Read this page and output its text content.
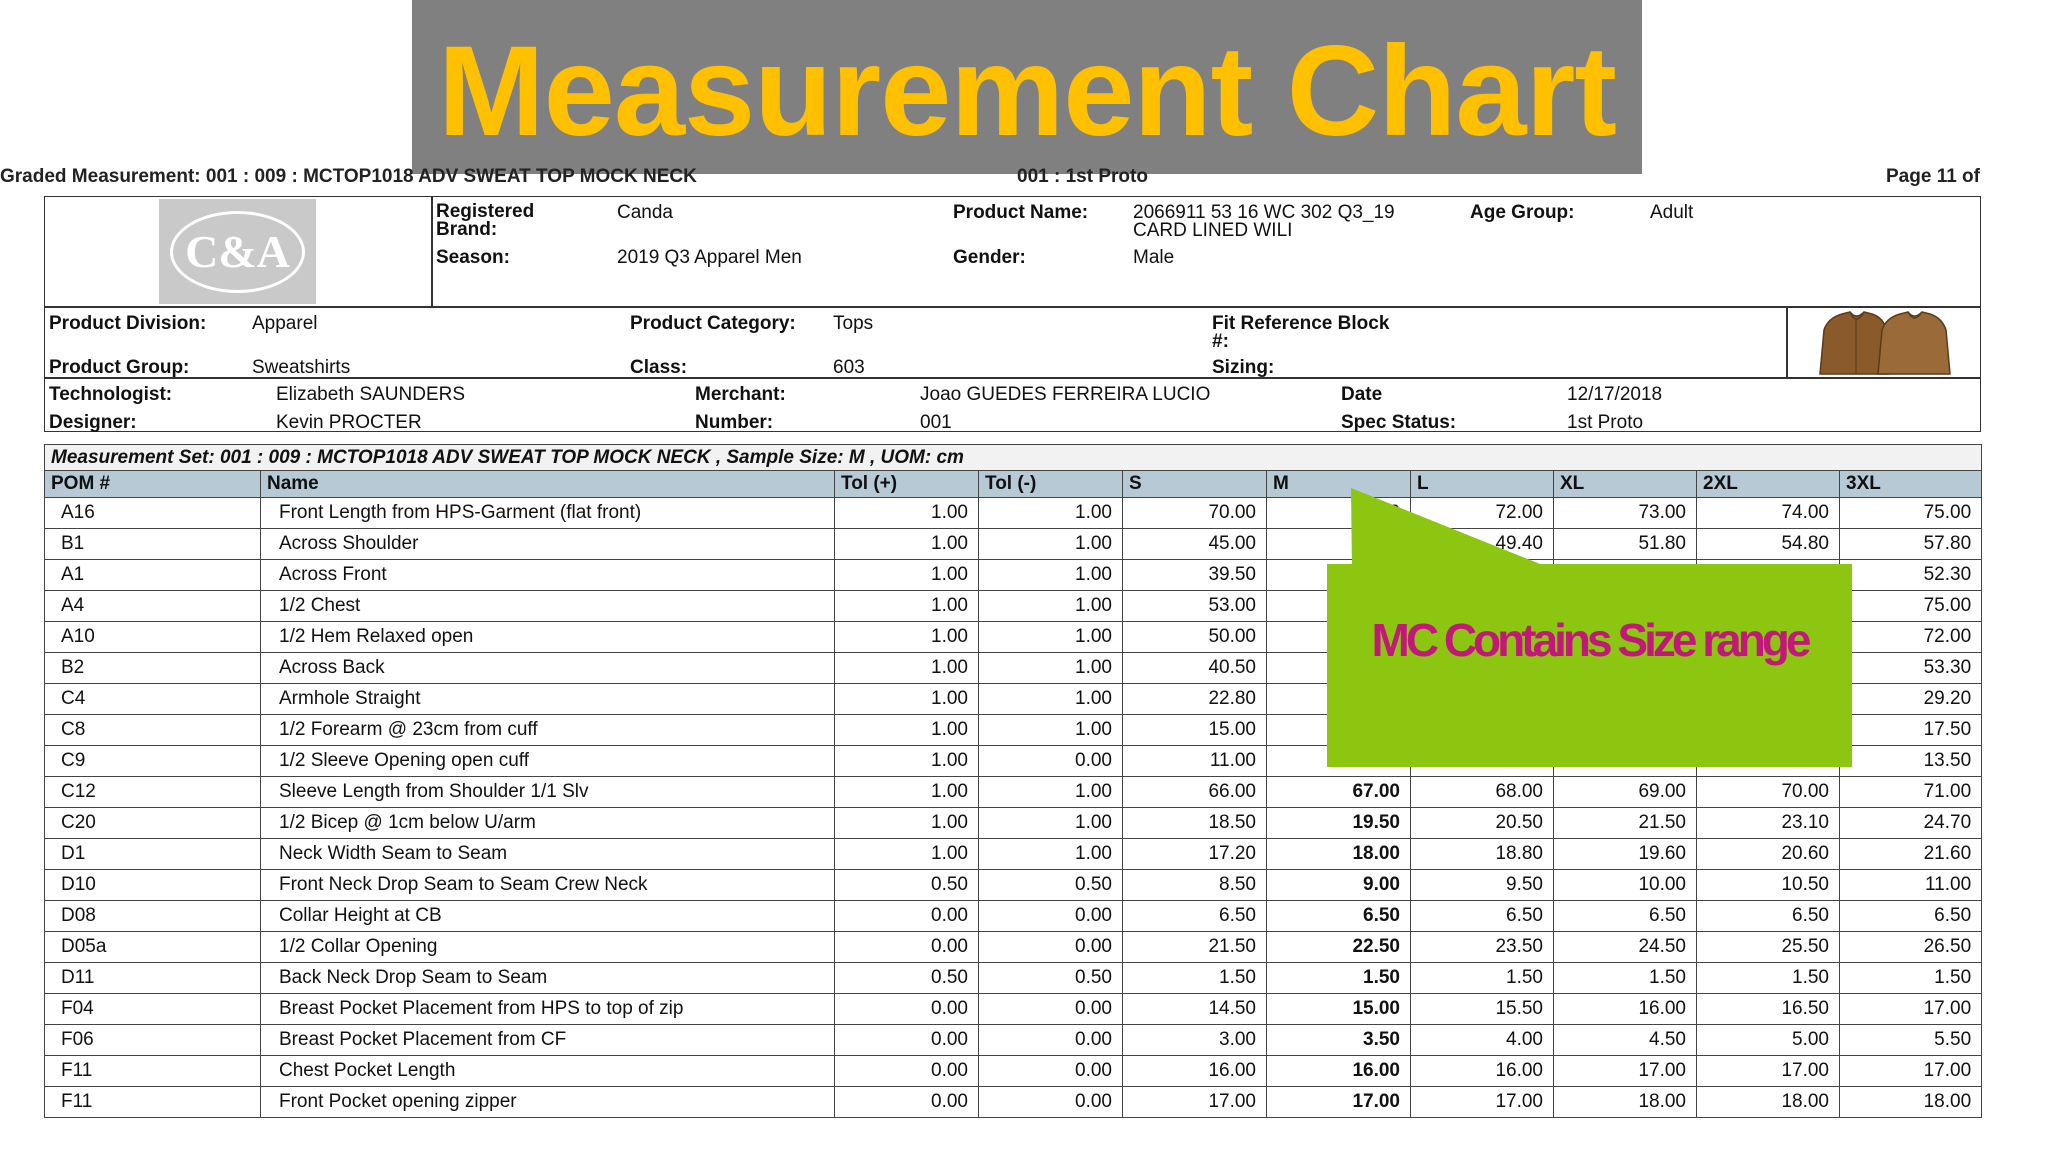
Measurement Chart
Graded Measurement: 001 : 009 : MCTOP1018 ADV SWEAT TOP MOCK NECK	001 : 1st Proto	Page 11 of
C&A
Registered Brand:
Canda	Product Name: 2066911 53 16 WC 302 Q3_19
CARD LINED WILI
Age Group:	Adult
Season:	2019 Q3 Apparel Men	Gender:	Male
Product Division: Apparel	Product Category: Tops	Fit Reference Block
#:
Product Group:	Sweatshirts	Class:	603	Sizing:
Technologist:	Elizabeth SAUNDERS	Merchant:	Joao GUEDES FERREIRA LUCIO	Date	12/17/2018
Designer:	Kevin PROCTER	Number:	001	Spec Status:	1st Proto
Measurement Set: 001 : 009 : MCTOP1018 ADV SWEAT TOP MOCK NECK , Sample Size: M , UOM: cm									
POM #	Name	Tol (+)	Tol (-)	S	M	L	XL	2XL	3XL
A16	Front Length from HPS-Garment (flat front)	1.00	1.00	70.00		72.00	73.00	74.00	75.00
B1	Across Shoulder	1.00	1.00	45.00		49.40	51.80	54.80	57.80
A1	Across Front	1.00	1.00	39.50					52.30
A4	1/2 Chest	1.00	1.00	53.00					75.00
A10	1/2 Hem Relaxed open	1.00	1.00	50.00					72.00
B2	Across Back	1.00	1.00	40.50					53.30
C4	Armhole Straight	1.00	1.00	22.80					29.20
C8	1/2 Forearm @ 23cm from cuff	1.00	1.00	15.00					17.50
C9	1/2 Sleeve Opening open cuff	1.00	0.00	11.00					13.50
C12	Sleeve Length from Shoulder 1/1 Slv	1.00	1.00	66.00	67.00	68.00	69.00	70.00	71.00
C20	1/2 Bicep @ 1cm below U/arm	1.00	1.00	18.50	19.50	20.50	21.50	23.10	24.70
D1	Neck Width Seam to Seam	1.00	1.00	17.20	18.00	18.80	19.60	20.60	21.60
D10	Front Neck Drop Seam to Seam Crew Neck	0.50	0.50	8.50	9.00	9.50	10.00	10.50	11.00
D08	Collar Height at CB	0.00	0.00	6.50	6.50	6.50	6.50	6.50	6.50
D05a	1/2 Collar Opening	0.00	0.00	21.50	22.50	23.50	24.50	25.50	26.50
D11	Back Neck Drop Seam to Seam	0.50	0.50	1.50	1.50	1.50	1.50	1.50	1.50
F04	Breast Pocket Placement from HPS to top of zip	0.00	0.00	14.50	15.00	15.50	16.00	16.50	17.00
F06	Breast Pocket Placement from CF	0.00	0.00	3.00	3.50	4.00	4.50	5.00	5.50
F11	Chest Pocket Length	0.00	0.00	16.00	16.00	16.00	17.00	17.00	17.00
F11	Front Pocket opening zipper	0.00	0.00	17.00	17.00	17.00	18.00	18.00	18.00
MC Contains Size range
